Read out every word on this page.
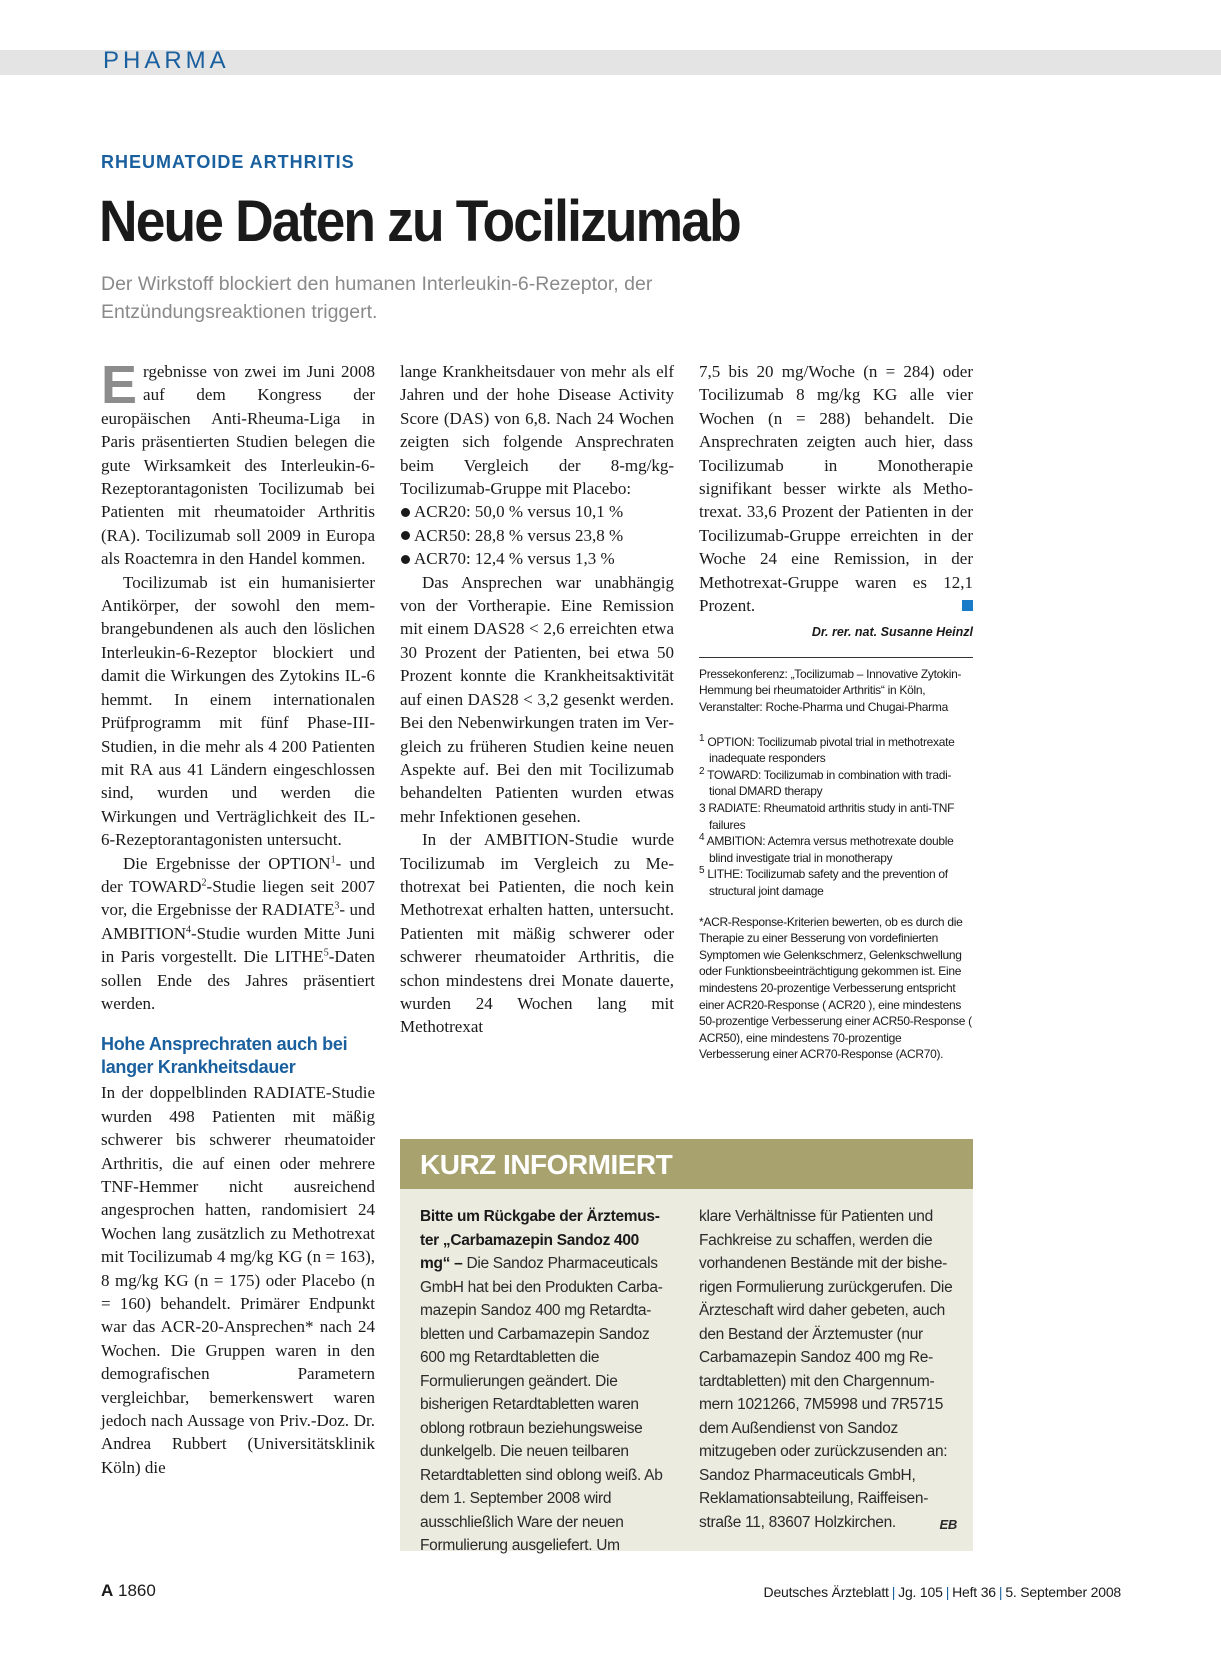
PHARMA
RHEUMATOIDE ARTHRITIS
Neue Daten zu Tocilizumab
Der Wirkstoff blockiert den humanen Interleukin-6-Rezeptor, der Entzündungsreaktionen triggert.

Ergebnisse von zwei im Juni 2008 auf dem Kongress der europäischen Anti-Rheuma-Liga in Paris präsentierten Studien belegen die gute Wirksamkeit des Interleukin-6-Rezeptorantagonisten Tocilizumab bei Patienten mit rheumatoider Arthritis (RA). Tocilizumab soll 2009 in Europa als Roactemra in den Handel kommen.

Tocilizumab ist ein humanisierter Antikörper, der sowohl den membrangebundenen als auch den löslichen Interleukin-6-Rezeptor blockiert und damit die Wirkungen des Zytokins IL-6 hemmt. In einem internationalen Prüfprogramm mit fünf Phase-III-Studien, in die mehr als 4 200 Patienten mit RA aus 41 Ländern eingeschlossen sind, wurden und werden die Wirkungen und Verträglichkeit des IL-6-Rezeptorantagonisten untersucht.

Die Ergebnisse der OPTION$^1$- und der TOWARD$^2$-Studie liegen seit 2007 vor, die Ergebnisse der RADIATE$^3$- und AMBITION$^4$-Studie wurden Mitte Juni in Paris vorgestellt. Die LITHE$^5$-Daten sollen Ende des Jahres präsentiert werden.

Hohe Ansprechraten auch bei langer Krankheitsdauer

In der doppelblinden RADIATE-Studie wurden 498 Patienten mit mäßig schwerer bis schwerer rheumatoider Arthritis, die auf einen oder mehrere TNF-Hemmer nicht ausreichend angesprochen hatten, randomisiert 24 Wochen lang zusätzlich zu Methotrexat mit Tocilizumab 4 mg/kg KG (n = 163), 8 mg/kg KG (n = 175) oder Placebo (n = 160) behandelt. Primärer Endpunkt war das ACR-20-Ansprechen* nach 24 Wochen. Die Gruppen waren in den demografischen Parametern vergleichbar, bemerkenswert waren jedoch nach Aussage von Priv.-Doz. Dr. Andrea Rubbert (Universitätsklinik Köln) die

lange Krankheitsdauer von mehr als elf Jahren und der hohe Disease Activity Score (DAS) von 6,8. Nach 24 Wochen zeigten sich folgende Ansprechraten beim Vergleich der 8-mg/kg-Tocilizumab-Gruppe mit Placebo:

ACR20: 50,0 % versus 10,1 %
ACR50: 28,8 % versus 23,8 %
ACR70: 12,4 % versus 1,3 %

Das Ansprechen war unabhängig von der Vortherapie. Eine Remission mit einem DAS28 < 2,6 erreichten etwa 30 Prozent der Patienten, bei etwa 50 Prozent konnte die Krankheitsaktivität auf einen DAS28 < 3,2 gesenkt werden. Bei den Nebenwirkungen traten im Vergleich zu früheren Studien keine neuen Aspekte auf. Bei den mit Tocilizumab behandelten Patienten wurden etwas mehr Infektionen gesehen.

In der AMBITION-Studie wurde Tocilizumab im Vergleich zu Methotrexat bei Patienten, die noch kein Methotrexat erhalten hatten, untersucht. Patienten mit mäßig schwerer oder schwerer rheumatoider Arthritis, die schon mindestens drei Monate dauerte, wurden 24 Wochen lang mit Methotrexat

7,5 bis 20 mg/Woche (n = 284) oder Tocilizumab 8 mg/kg KG alle vier Wochen (n = 288) behandelt. Die Ansprechraten zeigten auch hier, dass Tocilizumab in Monotherapie signifikant besser wirkte als Methotrexat. 33,6 Prozent der Patienten in der Tocilizumab-Gruppe erreichten in der Woche 24 eine Remission, in der Methotrexat-Gruppe waren es 12,1 Prozent.

Dr. rer. nat. Susanne Heinzl
Pressekonferenz: „Tocilizumab – Innovative Zytokin-Hemmung bei rheumatoider Arthritis“ in Köln, Veranstalter: Roche-Pharma und Chugai-Pharma
$^1$ OPTION: Tocilizumab pivotal trial in methotrexate
inadequate responders
$^2$ TOWARD: Tocilizumab in combination with tradi-
tional DMARD therapy
3 RADIATE: Rheumatoid arthritis study in anti-TNF
failures
$^4$ AMBITION: Actemra versus methotrexate double
blind investigate trial in monotherapy
$^5$ LITHE: Tocilizumab safety and the prevention of
structural joint damage
*ACR-Response-Kriterien bewerten, ob es durch die Therapie zu einer Besserung von vordefinierten Symptomen wie Gelenkschmerz, Gelenkschwellung oder Funktionsbeeinträchtigung gekommen ist. Eine mindestens 20-prozentige Verbesserung entspricht einer ACR20-Response ( ACR20 ), eine mindestens 50-prozentige Verbesserung einer ACR50-Response ( ACR50), eine mindestens 70-prozentige Verbesserung einer ACR70-Response (ACR70).
KURZ INFORMIERT
Bitte um Rückgabe der Ärztemuster „Carbamazepin Sandoz 400 mg“ – Die Sandoz Pharmaceuticals GmbH hat bei den Produkten Carbamazepin Sandoz 400 mg Retardtabletten und Carbamazepin Sandoz 600 mg Retardtabletten die Formulierungen geändert. Die bisherigen Retardtabletten waren oblong rotbraun beziehungsweise dunkelgelb. Die neuen teilbaren Retardtabletten sind oblong weiß. Ab dem 1. September 2008 wird ausschließlich Ware der neuen Formulierung ausgeliefert. Um
klare Verhältnisse für Patienten und Fachkreise zu schaffen, werden die vorhandenen Bestände mit der bisherigen Formulierung zurückgerufen. Die Ärzteschaft wird daher gebeten, auch den Bestand der Ärztemuster (nur Carbamazepin Sandoz 400 mg Retardtabletten) mit den Chargennummern 1021266, 7M5998 und 7R5715 dem Außendienst von Sandoz mitzugeben oder zurückzusenden an: Sandoz Pharmaceuticals GmbH, Reklamationsabteilung, Raiffeisenstraße 11, 83607 Holzkirchen.	EB
A 1860	Deutsches Ärzteblatt | Jg. 105 | Heft 36 | 5. September 2008
